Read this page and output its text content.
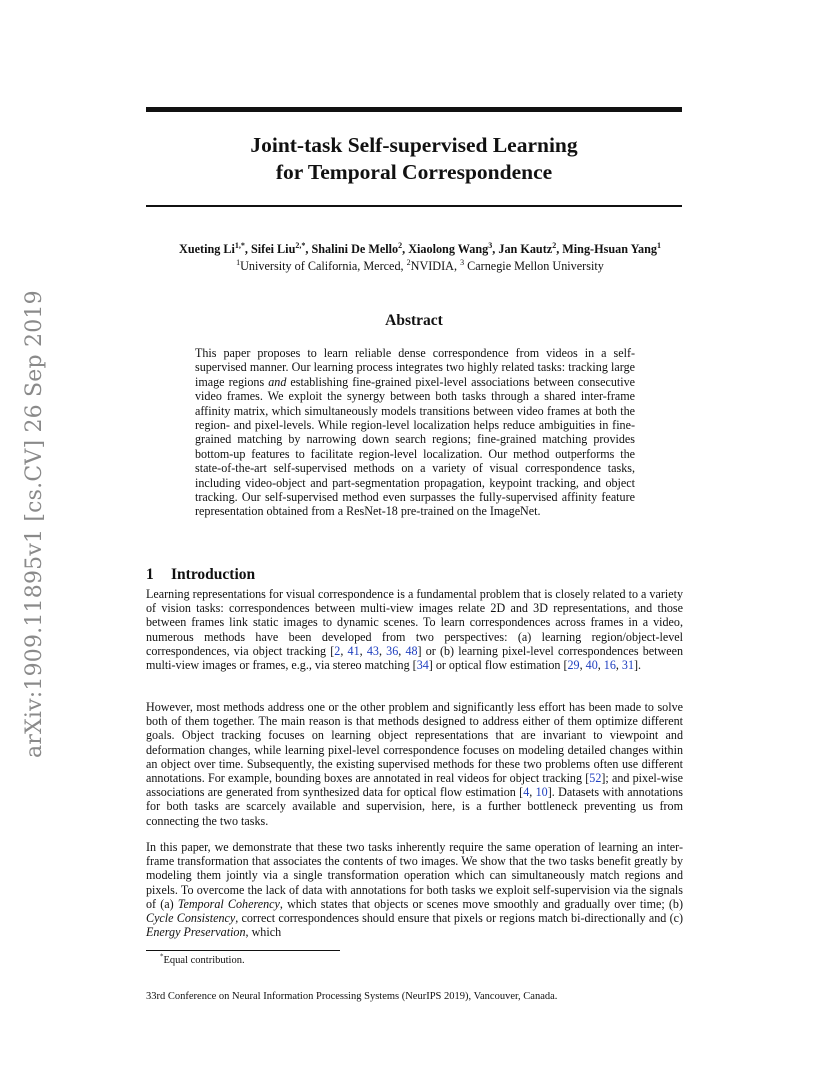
arXiv:1909.11895v1 [cs.CV] 26 Sep 2019
Joint-task Self-supervised Learning
for Temporal Correspondence
Xueting $Li^{1,*}$, Sifei Liu$^{2,*}$, Shalini De Mello$^2$, Xiaolong Wang$^3$, Jan Kautz$^2$, Ming-Hsuan Yang$^1$
$^1$University of California, Merced, $^2$NVIDIA, $^3$ Carnegie Mellon University
Abstract
This paper proposes to learn reliable dense correspondence from videos in a self-supervised manner. Our learning process integrates two highly related tasks: tracking large image regions and establishing fine-grained pixel-level associations between consecutive video frames. We exploit the synergy between both tasks through a shared inter-frame affinity matrix, which simultaneously models transitions between video frames at both the region- and pixel-levels. While region-level localization helps reduce ambiguities in fine-grained matching by narrowing down search regions; fine-grained matching provides bottom-up features to facilitate region-level localization. Our method outperforms the state-of-the-art self-supervised methods on a variety of visual correspondence tasks, including video-object and part-segmentation propagation, keypoint tracking, and object tracking. Our self-supervised method even surpasses the fully-supervised affinity feature representation obtained from a ResNet-18 pre-trained on the ImageNet.
1 Introduction
Learning representations for visual correspondence is a fundamental problem that is closely related to a variety of vision tasks: correspondences between multi-view images relate 2D and 3D representations, and those between frames link static images to dynamic scenes. To learn correspondences across frames in a video, numerous methods have been developed from two perspectives: (a) learning region/object-level correspondences, via object tracking [2, 41, 43, 36, 48] or (b) learning pixel-level correspondences between multi-view images or frames, e.g., via stereo matching [34] or optical flow estimation [29, 40, 16, 31].
However, most methods address one or the other problem and significantly less effort has been made to solve both of them together. The main reason is that methods designed to address either of them optimize different goals. Object tracking focuses on learning object representations that are invariant to viewpoint and deformation changes, while learning pixel-level correspondence focuses on modeling detailed changes within an object over time. Subsequently, the existing supervised methods for these two problems often use different annotations. For example, bounding boxes are annotated in real videos for object tracking [52]; and pixel-wise associations are generated from synthesized data for optical flow estimation [4, 10]. Datasets with annotations for both tasks are scarcely available and supervision, here, is a further bottleneck preventing us from connecting the two tasks.
In this paper, we demonstrate that these two tasks inherently require the same operation of learning an inter-frame transformation that associates the contents of two images. We show that the two tasks benefit greatly by modeling them jointly via a single transformation operation which can simultaneously match regions and pixels. To overcome the lack of data with annotations for both tasks we exploit self-supervision via the signals of (a) Temporal Coherency, which states that objects or scenes move smoothly and gradually over time; (b) Cycle Consistency, correct correspondences should ensure that pixels or regions match bi-directionally and (c) Energy Preservation, which
*Equal contribution.
33rd Conference on Neural Information Processing Systems (NeurIPS 2019), Vancouver, Canada.
